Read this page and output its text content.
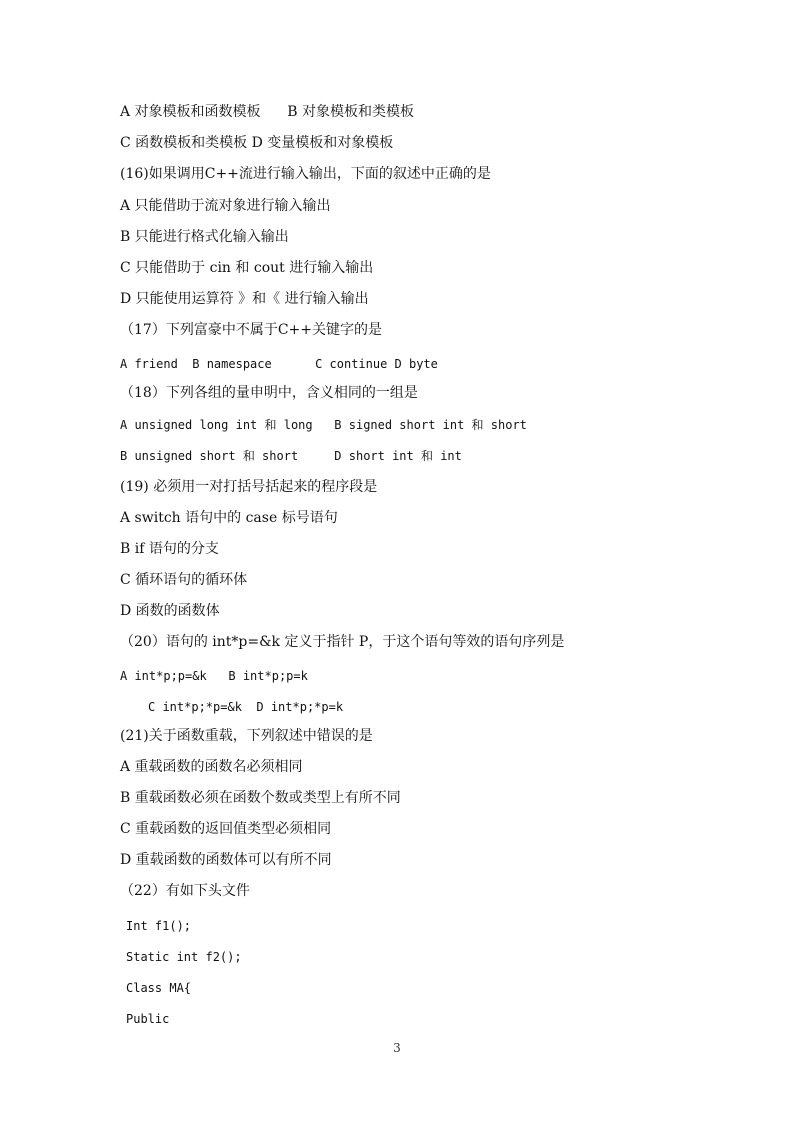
A 对象模板和函数模板      B 对象模板和类模板
C 函数模板和类模板 D 变量模板和对象模板
(16)如果调用C++流进行输入输出，下面的叙述中正确的是
A 只能借助于流对象进行输入输出
B 只能进行格式化输入输出
C 只能借助于 cin 和 cout 进行输入输出
D 只能使用运算符 》和《 进行输入输出
（17）下列富豪中不属于C++关键字的是
A friend  B namespace      C continue D byte
（18）下列各组的量申明中，含义相同的一组是
A unsigned long int 和 long   B signed short int 和 short
B unsigned short 和 short     D short int 和 int
(19) 必须用一对打括号括起来的程序段是
A switch 语句中的 case 标号语句
B if 语句的分支
C 循环语句的循环体
D 函数的函数体
（20）语句的 int*p=&k 定义于指针 P，于这个语句等效的语句序列是
A int*p;p=&k   B int*p;p=k
C int*p;*p=&k  D int*p;*p=k
(21)关于函数重载，下列叙述中错误的是
A 重载函数的函数名必须相同
B 重载函数必须在函数个数或类型上有所不同
C 重载函数的返回值类型必须相同
D 重载函数的函数体可以有所不同
（22）有如下头文件
Int f1();
Static int f2();
Class MA{
Public
3
